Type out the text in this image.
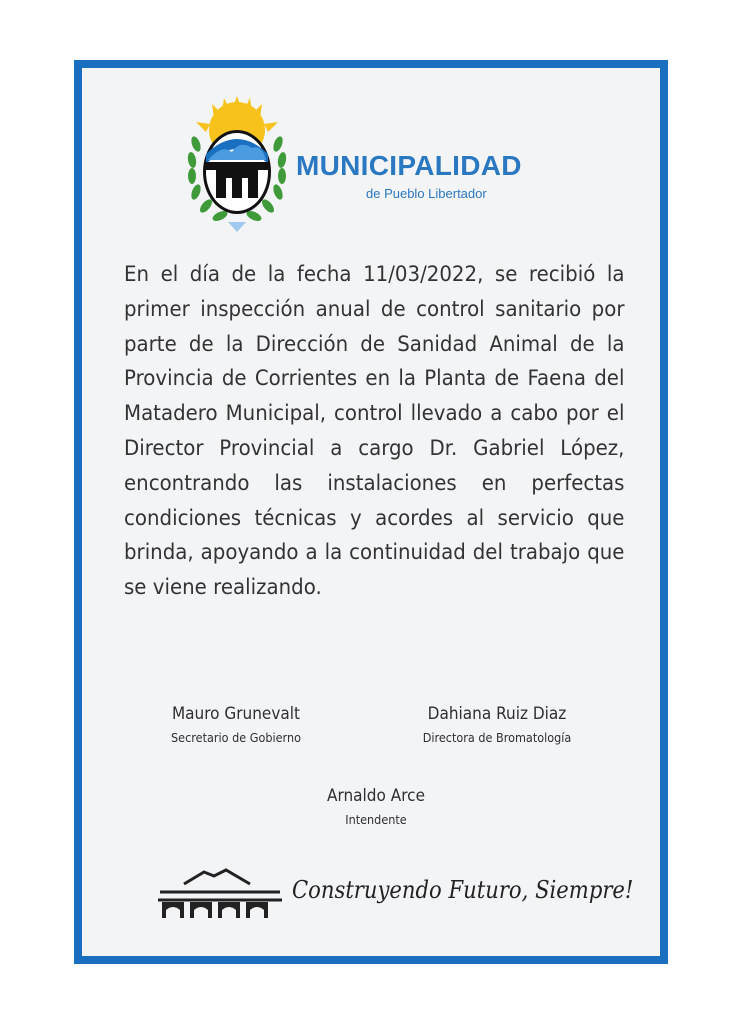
MUNICIPALIDAD
de Pueblo Libertador
En el día de la fecha 11/03/2022, se recibió la primer inspección anual de control sanitario por parte de la Dirección de Sanidad Animal de la Provincia de Corrientes en la Planta de Faena del Matadero Municipal, control llevado a cabo por el Director Provincial a cargo Dr. Gabriel López, encontrando las instalaciones en perfectas condiciones técnicas y acordes al servicio que brinda, apoyando a la continuidad del trabajo que se viene realizando.
Mauro Grunevalt
Secretario de Gobierno
Dahiana Ruiz Diaz
Directora de Bromatología
Arnaldo Arce
Intendente
Construyendo Futuro, Siempre!
